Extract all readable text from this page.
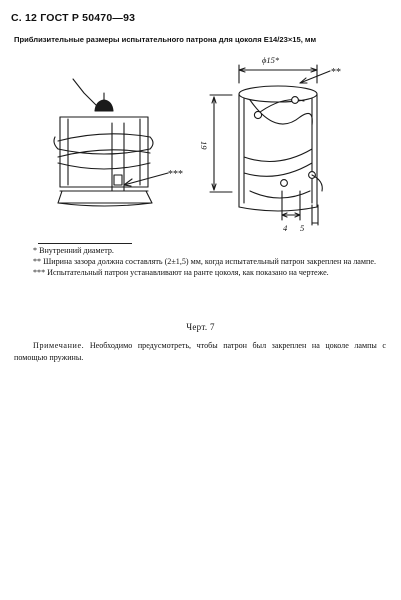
С. 12 ГОСТ Р 50470—93
Приблизительные размеры испытательного патрона для цоколя Е14/23×15, мм
ϕ15*
19
5
4
**
***

* Внутренний диаметр.

** Ширина зазора должна составлять (2±1,5) мм, когда испытательный патрон закреплен на лампе.

*** Испытательный патрон устанавливают на ранте цоколя, как показано на чертеже.

Черт. 7

Примечание. Необходимо предусмотреть, чтобы патрон был закреплен на цоколе лампы с помощью пружины.
